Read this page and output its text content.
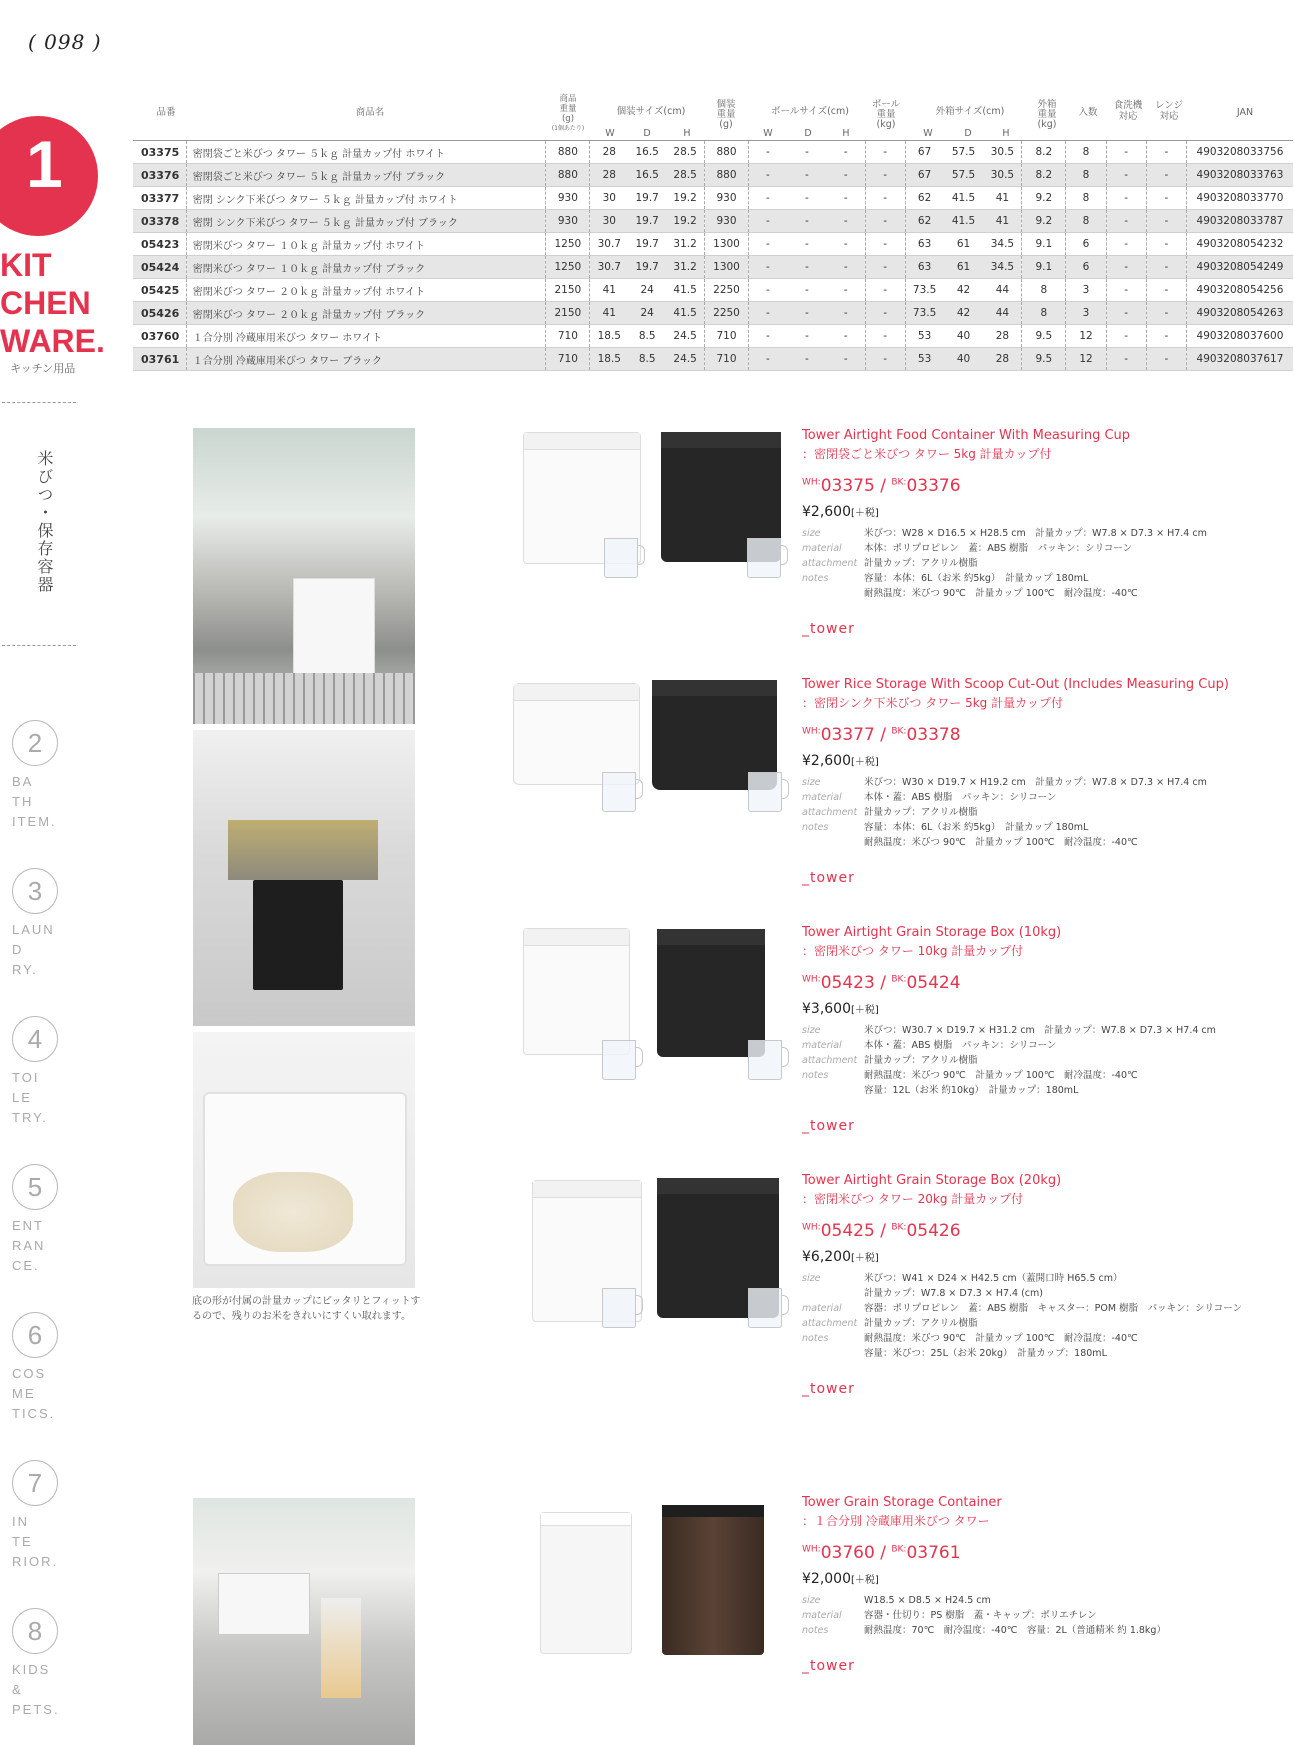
( 098 )
1
KIT
CHEN
WARE.
キッチン用品
米びつ・保存容器
2
BA
TH
ITEM.
3
LAUN
D
RY.
4
TOI
LE
TRY.
5
ENT
RAN
CE.
6
COS
ME
TICS.
7
IN
TE
RIOR.
8
KIDS
&
PETS.
品番	商品名
商品
重量
(g)
(1個あたり)
個装サイズ(cm)
個装
重量
(g)
ボールサイズ(cm)
ボール
重量
(kg)
外箱サイズ(cm)
外箱
重量
(kg)
入数
食洗機
対応
レンジ
対応	JAN
W	D	H	W	D	H	W	D	H
03375	密閉袋ごと米びつ タワー ５ｋｇ 計量カップ付 ホワイト	880	28	16.5	28.5	880	-	-	-	-	67	57.5	30.5	8.2	8	-	-	4903208033756
03376	密閉袋ごと米びつ タワー ５ｋｇ 計量カップ付 ブラック	880	28	16.5	28.5	880	-	-	-	-	67	57.5	30.5	8.2	8	-	-	4903208033763
03377	密閉 シンク下米びつ タワー ５ｋｇ 計量カップ付 ホワイト	930	30	19.7	19.2	930	-	-	-	-	62	41.5	41	9.2	8	-	-	4903208033770
03378	密閉 シンク下米びつ タワー ５ｋｇ 計量カップ付 ブラック	930	30	19.7	19.2	930	-	-	-	-	62	41.5	41	9.2	8	-	-	4903208033787
05423	密閉米びつ タワー １０ｋｇ 計量カップ付 ホワイト	1250	30.7	19.7	31.2	1300	-	-	-	-	63	61	34.5	9.1	6	-	-	4903208054232
05424	密閉米びつ タワー １０ｋｇ 計量カップ付 ブラック	1250	30.7	19.7	31.2	1300	-	-	-	-	63	61	34.5	9.1	6	-	-	4903208054249
05425	密閉米びつ タワー ２０ｋｇ 計量カップ付 ホワイト	2150	41	24	41.5	2250	-	-	-	-	73.5	42	44	8	3	-	-	4903208054256
05426	密閉米びつ タワー ２０ｋｇ 計量カップ付 ブラック	2150	41	24	41.5	2250	-	-	-	-	73.5	42	44	8	3	-	-	4903208054263
03760	１合分別 冷蔵庫用米びつ タワー ホワイト	710	18.5	8.5	24.5	710	-	-	-	-	53	40	28	9.5	12	-	-	4903208037600
03761	１合分別 冷蔵庫用米びつ タワー ブラック	710	18.5	8.5	24.5	710	-	-	-	-	53	40	28	9.5	12	-	-	4903208037617
底の形が付属の計量カップにピッタリとフィットするので、残りのお米をきれいにすくい取れます。
Tower Airtight Food Container With Measuring Cup
：密閉袋ごと米びつ タワー 5kg 計量カップ付
$^{WH:}$03375 / $^{BK:}$03376
¥2,600[＋税]
size	米びつ：W28 × D16.5 × H28.5 cm　計量カップ：W7.8 × D7.3 × H7.4 cm
material	本体：ポリプロピレン　蓋：ABS 樹脂　パッキン：シリコーン
attachment 計量カップ：アクリル樹脂
notes	容量：本体：6L（お米 約5kg）　計量カップ 180mL
耐熱温度：米びつ 90℃　計量カップ 100℃　耐冷温度：-40℃
_tower
Tower Rice Storage With Scoop Cut-Out (Includes Measuring Cup)
：密閉シンク下米びつ タワー 5kg 計量カップ付
$^{WH:}$03377 / $^{BK:}$03378
¥2,600[＋税]
size	米びつ：W30 × D19.7 × H19.2 cm　計量カップ：W7.8 × D7.3 × H7.4 cm
material	本体・蓋：ABS 樹脂　パッキン：シリコーン
attachment 計量カップ：アクリル樹脂
notes	容量：本体：6L（お米 約5kg）　計量カップ 180mL
耐熱温度：米びつ 90℃　計量カップ 100℃　耐冷温度：-40℃
_tower
Tower Airtight Grain Storage Box (10kg)
：密閉米びつ タワー 10kg 計量カップ付
$^{WH:}$05423 / $^{BK:}$05424
¥3,600[＋税]
size	米びつ：W30.7 × D19.7 × H31.2 cm　計量カップ：W7.8 × D7.3 × H7.4 cm
material	本体・蓋：ABS 樹脂　パッキン：シリコーン
attachment 計量カップ：アクリル樹脂
notes	耐熱温度：米びつ 90℃　計量カップ 100℃　耐冷温度：-40℃
容量：12L（お米 約10kg）　計量カップ：180mL
_tower
Tower Airtight Grain Storage Box (20kg)
：密閉米びつ タワー 20kg 計量カップ付
$^{WH:}$05425 / $^{BK:}$05426
¥6,200[＋税]
size	米びつ：W41 × D24 × H42.5 cm（蓋開口時 H65.5 cm）
計量カップ：W7.8 × D7.3 × H7.4 (cm)
material	容器：ポリプロピレン　蓋：ABS 樹脂　キャスター：POM 樹脂　パッキン：シリコーン
attachment 計量カップ：アクリル樹脂
notes	耐熱温度：米びつ 90℃　計量カップ 100℃　耐冷温度：-40℃
容量：米びつ：25L（お米 20kg）　計量カップ：180mL
_tower
Tower Grain Storage Container
：１合分別 冷蔵庫用米びつ タワー
$^{WH:}$03760 / $^{BK:}$03761
¥2,000[＋税]
size	W18.5 × D8.5 × H24.5 cm
material	容器・仕切り：PS 樹脂　蓋・キャップ：ポリエチレン
notes	耐熱温度：70℃　耐冷温度：-40℃　容量：2L（普通精米 約 1.8kg）
_tower
